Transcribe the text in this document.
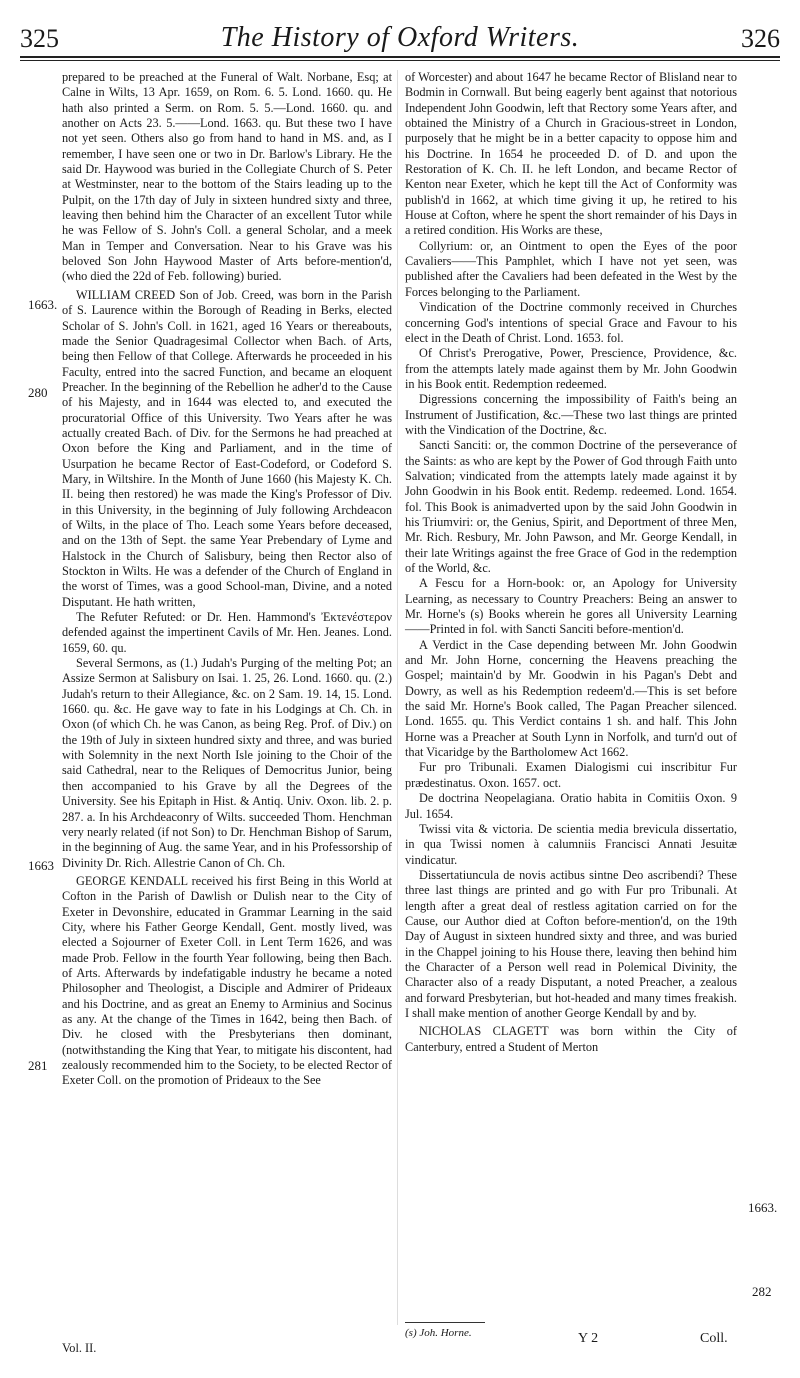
325	The History of Oxford Writers.	326
1663.
280
1663
281
1663.
282

prepared to be preached at the Funeral of Walt. Norbane, Esq; at Calne in Wilts, 13 Apr. 1659, on Rom. 6. 5. Lond. 1660. qu. He hath also printed a Serm. on Rom. 5. 5.—Lond. 1660. qu. and another on Acts 23. 5.——Lond. 1663. qu. But these two I have not yet seen. Others also go from hand to hand in MS. and, as I remember, I have seen one or two in Dr. Barlow's Library. He the said Dr. Haywood was buried in the Collegiate Church of S. Peter at Westminster, near to the bottom of the Stairs leading up to the Pulpit, on the 17th day of July in sixteen hundred sixty and three, leaving then behind him the Character of an excellent Tutor while he was Fellow of S. John's Coll. a general Scholar, and a meek Man in Temper and Conversation. Near to his Grave was his beloved Son John Haywood Master of Arts before-mention'd, (who died the 22d of Feb. following) buried.

WILLIAM CREED Son of Job. Creed, was born in the Parish of S. Laurence within the Borough of Reading in Berks, elected Scholar of S. John's Coll. in 1621, aged 16 Years or thereabouts, made the Senior Quadragesimal Collector when Bach. of Arts, being then Fellow of that College. Afterwards he proceeded in his Faculty, entred into the sacred Function, and became an eloquent Preacher. In the beginning of the Rebellion he adher'd to the Cause of his Majesty, and in 1644 was elected to, and executed the procuratorial Office of this University. Two Years after he was actually created Bach. of Div. for the Sermons he had preached at Oxon before the King and Parliament, and in the time of Usurpation he became Rector of East-Codeford, or Codeford S. Mary, in Wiltshire. In the Month of June 1660 (his Majesty K. Ch. II. being then restored) he was made the King's Professor of Div. in this University, in the beginning of July following Archdeacon of Wilts, in the place of Tho. Leach some Years before deceased, and on the 13th of Sept. the same Year Prebendary of Lyme and Halstock in the Church of Salisbury, being then Rector also of Stockton in Wilts. He was a defender of the Church of England in the worst of Times, was a good School-man, Divine, and a noted Disputant. He hath written,

The Refuter Refuted: or Dr. Hen. Hammond's Ἐκτενέστερον defended against the impertinent Cavils of Mr. Hen. Jeanes. Lond. 1659, 60. qu.

Several Sermons, as (1.) Judah's Purging of the melting Pot; an Assize Sermon at Salisbury on Isai. 1. 25, 26. Lond. 1660. qu. (2.) Judah's return to their Allegiance, &c. on 2 Sam. 19. 14, 15. Lond. 1660. qu. &c. He gave way to fate in his Lodgings at Ch. Ch. in Oxon (of which Ch. he was Canon, as being Reg. Prof. of Div.) on the 19th of July in sixteen hundred sixty and three, and was buried with Solemnity in the next North Isle joining to the Choir of the said Cathedral, near to the Reliques of Democritus Junior, being then accompanied to his Grave by all the Degrees of the University. See his Epitaph in Hist. & Antiq. Univ. Oxon. lib. 2. p. 287. a. In his Archdeaconry of Wilts. succeeded Thom. Henchman very nearly related (if not Son) to Dr. Henchman Bishop of Sarum, in the beginning of Aug. the same Year, and in his Professorship of Divinity Dr. Rich. Allestrie Canon of Ch. Ch.

GEORGE KENDALL received his first Being in this World at Cofton in the Parish of Dawlish or Dulish near to the City of Exeter in Devonshire, educated in Grammar Learning in the said City, where his Father George Kendall, Gent. mostly lived, was elected a Sojourner of Exeter Coll. in Lent Term 1626, and was made Prob. Fellow in the fourth Year following, being then Bach. of Arts. Afterwards by indefatigable industry he became a noted Philosopher and Theologist, a Disciple and Admirer of Prideaux and his Doctrine, and as great an Enemy to Arminius and Socinus as any. At the change of the Times in 1642, being then Bach. of Div. he closed with the Presbyterians then dominant, (notwithstanding the King that Year, to mitigate his discontent, had zealously recommended him to the Society, to be elected Rector of Exeter Coll. on the promotion of Prideaux to the See

of Worcester) and about 1647 he became Rector of Blisland near to Bodmin in Cornwall. But being eagerly bent against that notorious Independent John Goodwin, left that Rectory some Years after, and obtained the Ministry of a Church in Gracious-street in London, purposely that he might be in a better capacity to oppose him and his Doctrine. In 1654 he proceeded D. of D. and upon the Restoration of K. Ch. II. he left London, and became Rector of Kenton near Exeter, which he kept till the Act of Conformity was publish'd in 1662, at which time giving it up, he retired to his House at Cofton, where he spent the short remainder of his Days in a retired condition. His Works are these,

Collyrium: or, an Ointment to open the Eyes of the poor Cavaliers——This Pamphlet, which I have not yet seen, was published after the Cavaliers had been defeated in the West by the Forces belonging to the Parliament.

Vindication of the Doctrine commonly received in Churches concerning God's intentions of special Grace and Favour to his elect in the Death of Christ. Lond. 1653. fol.

Of Christ's Prerogative, Power, Prescience, Providence, &c. from the attempts lately made against them by Mr. John Goodwin in his Book entit. Redemption redeemed.

Digressions concerning the impossibility of Faith's being an Instrument of Justification, &c.—These two last things are printed with the Vindication of the Doctrine, &c.

Sancti Sanciti: or, the common Doctrine of the perseverance of the Saints: as who are kept by the Power of God through Faith unto Salvation; vindicated from the attempts lately made against it by John Goodwin in his Book entit. Redemp. redeemed. Lond. 1654. fol. This Book is animadverted upon by the said John Goodwin in his Triumviri: or, the Genius, Spirit, and Deportment of three Men, Mr. Rich. Resbury, Mr. John Pawson, and Mr. George Kendall, in their late Writings against the free Grace of God in the redemption of the World, &c.

A Fescu for a Horn-book: or, an Apology for University Learning, as necessary to Country Preachers: Being an answer to Mr. Horne's (s) Books wherein he gores all University Learning——Printed in fol. with Sancti Sanciti before-mention'd.

A Verdict in the Case depending between Mr. John Goodwin and Mr. John Horne, concerning the Heavens preaching the Gospel; maintain'd by Mr. Goodwin in his Pagan's Debt and Dowry, as well as his Redemption redeem'd.—This is set before the said Mr. Horne's Book called, The Pagan Preacher silenced. Lond. 1655. qu. This Verdict contains 1 sh. and half. This John Horne was a Preacher at South Lynn in Norfolk, and turn'd out of that Vicaridge by the Bartholomew Act 1662.

Fur pro Tribunali. Examen Dialogismi cui inscribitur Fur prædestinatus. Oxon. 1657. oct.

De doctrina Neopelagiana. Oratio habita in Comitiis Oxon. 9 Jul. 1654.

Twissi vita & victoria. De scientia media brevicula dissertatio, in qua Twissi nomen à calumniis Francisci Annati Jesuitæ vindicatur.

Dissertatiuncula de novis actibus sintne Deo ascribendi? These three last things are printed and go with Fur pro Tribunali. At length after a great deal of restless agitation carried on for the Cause, our Author died at Cofton before-mention'd, on the 19th Day of August in sixteen hundred sixty and three, and was buried in the Chappel joining to his House there, leaving then behind him the Character of a Person well read in Polemical Divinity, the Character also of a ready Disputant, a noted Preacher, a zealous and forward Presbyterian, but hot-headed and many times freakish. I shall make mention of another George Kendall by and by.

NICHOLAS CLAGETT was born within the City of Canterbury, entred a Student of Merton

Vol. II.
(s) Joh. Horne.	Y 2	Coll.
